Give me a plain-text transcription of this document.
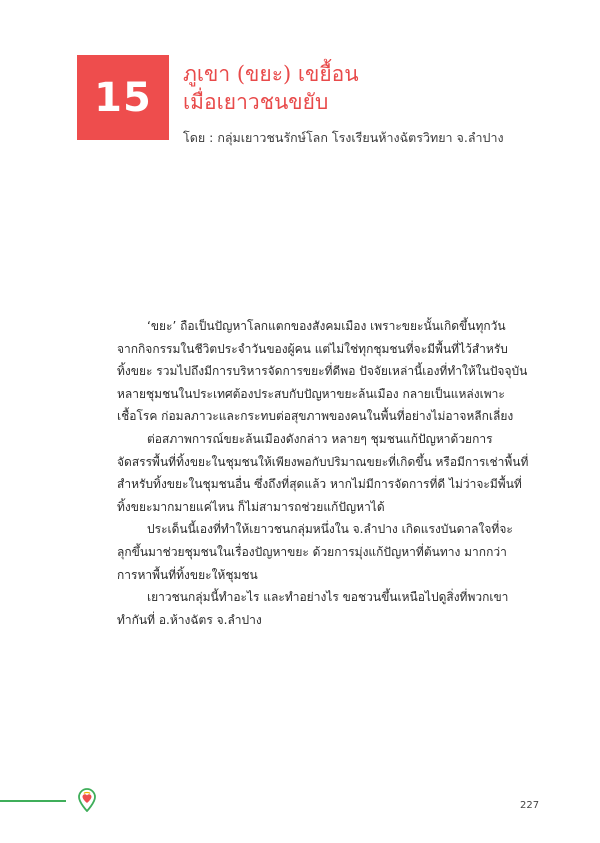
15
ภูเขา (ขยะ) เขยื้อน
เมื่อเยาวชนขยับ
โดย : กลุ่มเยาวชนรักษ์โลก โรงเรียนห้างฉัตรวิทยา จ.ลำปาง
‘ขยะ’ ถือเป็นปัญหาโลกแตกของสังคมเมือง เพราะขยะนั้นเกิดขึ้นทุกวัน
จากกิจกรรมในชีวิตประจำวันของผู้คน แต่ไม่ใช่ทุกชุมชนที่จะมีพื้นที่ไว้สำหรับ
ทิ้งขยะ รวมไปถึงมีการบริหารจัดการขยะที่ดีพอ ปัจจัยเหล่านี้เองที่ทำให้ในปัจจุบัน
หลายชุมชนในประเทศต้องประสบกับปัญหาขยะล้นเมือง กลายเป็นแหล่งเพาะ
เชื้อโรค ก่อมลภาวะและกระทบต่อสุขภาพของคนในพื้นที่อย่างไม่อาจหลีกเลี่ยง
ต่อสภาพการณ์ขยะล้นเมืองดังกล่าว หลายๆ ชุมชนแก้ปัญหาด้วยการ
จัดสรรพื้นที่ทิ้งขยะในชุมชนให้เพียงพอกับปริมาณขยะที่เกิดขึ้น หรือมีการเช่าพื้นที่
สำหรับทิ้งขยะในชุมชนอื่น ซึ่งถึงที่สุดแล้ว หากไม่มีการจัดการที่ดี ไม่ว่าจะมีพื้นที่
ทิ้งขยะมากมายแค่ไหน ก็ไม่สามารถช่วยแก้ปัญหาได้
ประเด็นนี้เองที่ทำให้เยาวชนกลุ่มหนึ่งใน จ.ลำปาง เกิดแรงบันดาลใจที่จะ
ลุกขึ้นมาช่วยชุมชนในเรื่องปัญหาขยะ ด้วยการมุ่งแก้ปัญหาที่ต้นทาง มากกว่า
การหาพื้นที่ทิ้งขยะให้ชุมชน
เยาวชนกลุ่มนี้ทำอะไร และทำอย่างไร ขอชวนขึ้นเหนือไปดูสิ่งที่พวกเขา
ทำกันที่ อ.ห้างฉัตร จ.ลำปาง
227
